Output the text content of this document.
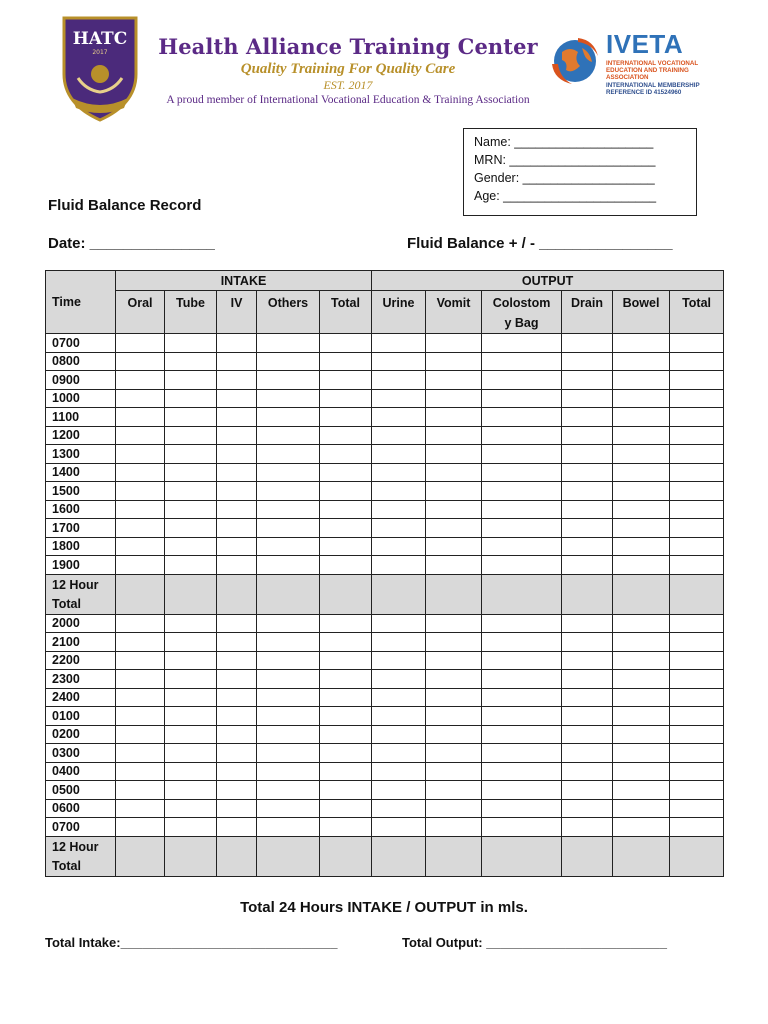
HATC
2017	Health Alliance Training Center
Quality Training For Quality Care
EST. 2017
A proud member of International Vocational Education & Training Association
IVETA
INTERNATIONAL VOCATIONAL EDUCATION AND TRAINING ASSOCIATION
INTERNATIONAL MEMBERSHIP REFERENCE ID 41524960
Name: ____________________
MRN: _____________________
Gender: ___________________
Age: ______________________
Fluid Balance Record
Date: _______________	Fluid Balance + / - ________________
Time	INTAKE					OUTPUT					
	Oral	Tube	IV	Others	Total	Urine	Vomit	Colostom y Bag	Drain	Bowel	Total
0700											
0800											
0900											
1000											
1100											
1200											
1300											
1400											
1500											
1600											
1700											
1800											
1900											
12 Hour Total											
2000											
2100											
2200											
2300											
2400											
0100											
0200											
0300											
0400											
0500											
0600											
0700											
12 Hour Total											
Total 24 Hours INTAKE / OUTPUT in mls.
Total Intake:______________________________	Total Output: _________________________
